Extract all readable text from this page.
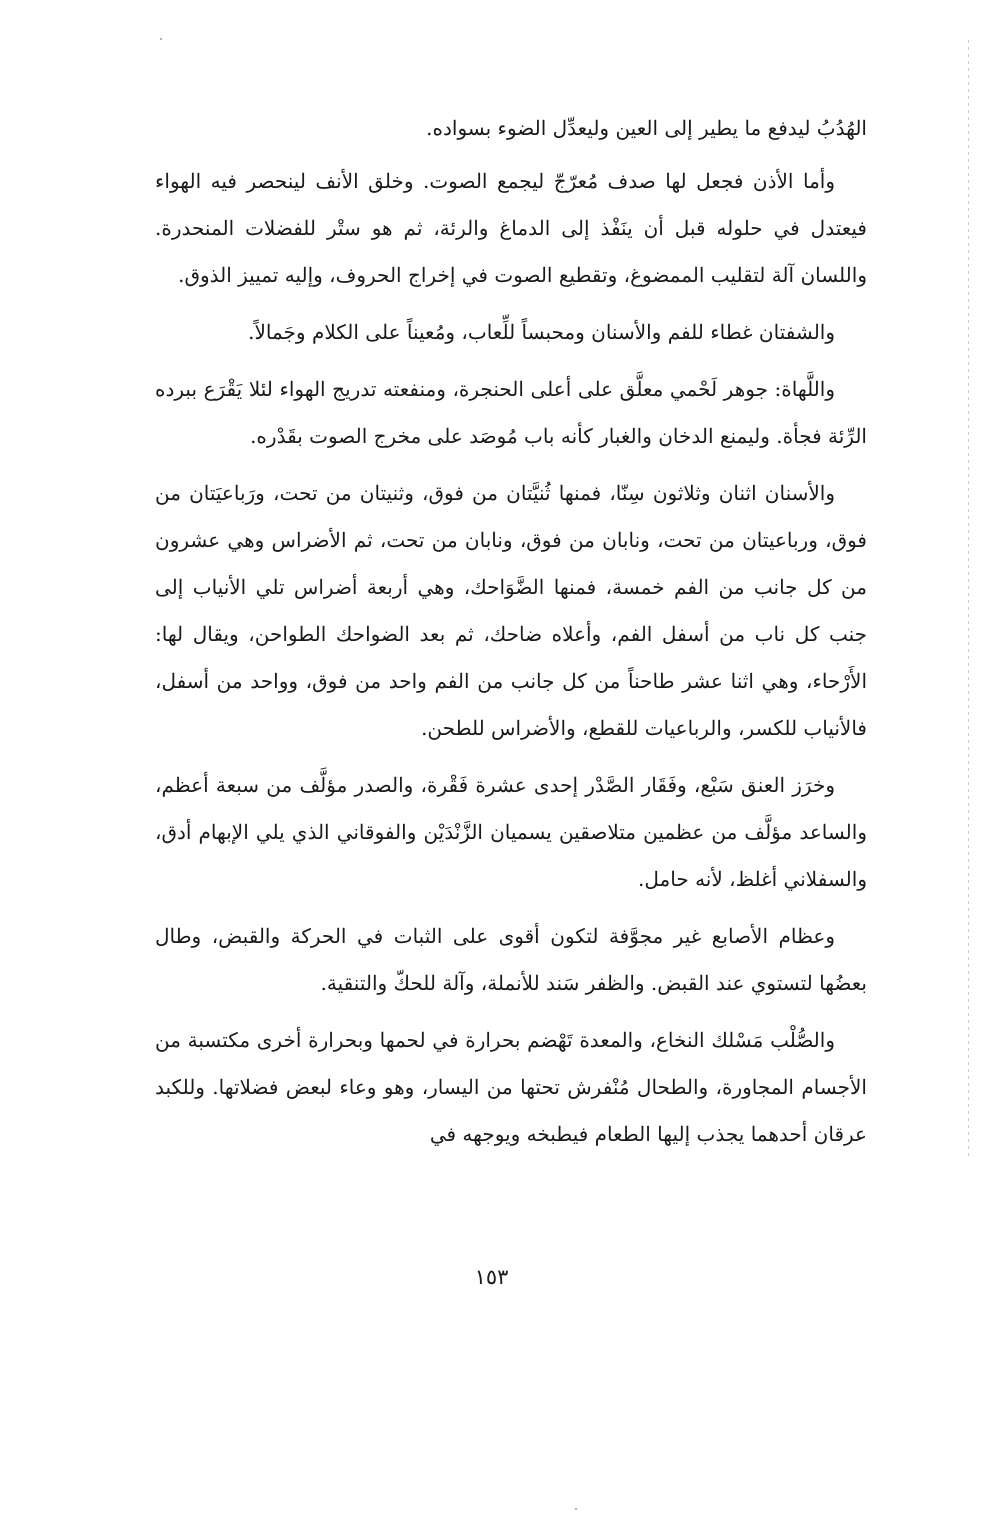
الهُدُبُ ليدفع ما يطير إلى العين وليعدِّل الضوء بسواده.

وأما الأذن فجعل لها صدف مُعرّجّ ليجمع الصوت. وخلق الأنف لينحصر فيه الهواء فيعتدل في حلوله قبل أن ينَفْذ إلى الدماغ والرئة، ثم هو ستْر للفضلات المنحدرة. واللسان آلة لتقليب الممضوغ، وتقطيع الصوت في إخراج الحروف، وإليه تمييز الذوق.

والشفتان غطاء للفم والأسنان ومحبساً للِّعاب، ومُعيناً على الكلام وجَمالاً.

واللَّهاة: جوهر لَحْمي معلَّق على أعلى الحنجرة، ومنفعته تدريج الهواء لئلا يَقْرَع ببرده الرِّئة فجأة. وليمنع الدخان والغبار كأنه باب مُوصَد على مخرج الصوت بقَدْره.

والأسنان اثنان وثلاثون سِنّا، فمنها ثُنيَّتان من فوق، وثنيتان من تحت، ورَباعيَتان من فوق، ورباعيتان من تحت، ونابان من فوق، ونابان من تحت، ثم الأضراس وهي عشرون من كل جانب من الفم خمسة، فمنها الضَّوَاحك، وهي أربعة أضراس تلي الأنياب إلى جنب كل ناب من أسفل الفم، وأعلاه ضاحك، ثم بعد الضواحك الطواحن، ويقال لها: الأَرْحاء، وهي اثنا عشر طاحناً من كل جانب من الفم واحد من فوق، وواحد من أسفل، فالأنياب للكسر، والرباعيات للقطع، والأضراس للطحن.

وخرَز العنق سَبْع، وفَقَار الصَّدْر إحدى عشرة فَقْرة، والصدر مؤلَّف من سبعة أعظم، والساعد مؤلَّف من عظمين متلاصقين يسميان الزَّنْدَيْن والفوقاني الذي يلي الإبهام أدق، والسفلاني أغلظ، لأنه حامل.

وعظام الأصابع غير مجوَّفة لتكون أقوى على الثبات في الحركة والقبض، وطال بعضُها لتستوي عند القبض. والظفر سَند للأنملة، وآلة للحكّ والتنقية.

والصُّلْب مَسْلك النخاع، والمعدة تَهْضم بحرارة في لحمها وبحرارة أخرى مكتسبة من الأجسام المجاورة، والطحال مُنْفرش تحتها من اليسار، وهو وعاء لبعض فضلاتها. وللكبد عرقان أحدهما يجذب إليها الطعام فيطبخه ويوجهه في

١٥٣
